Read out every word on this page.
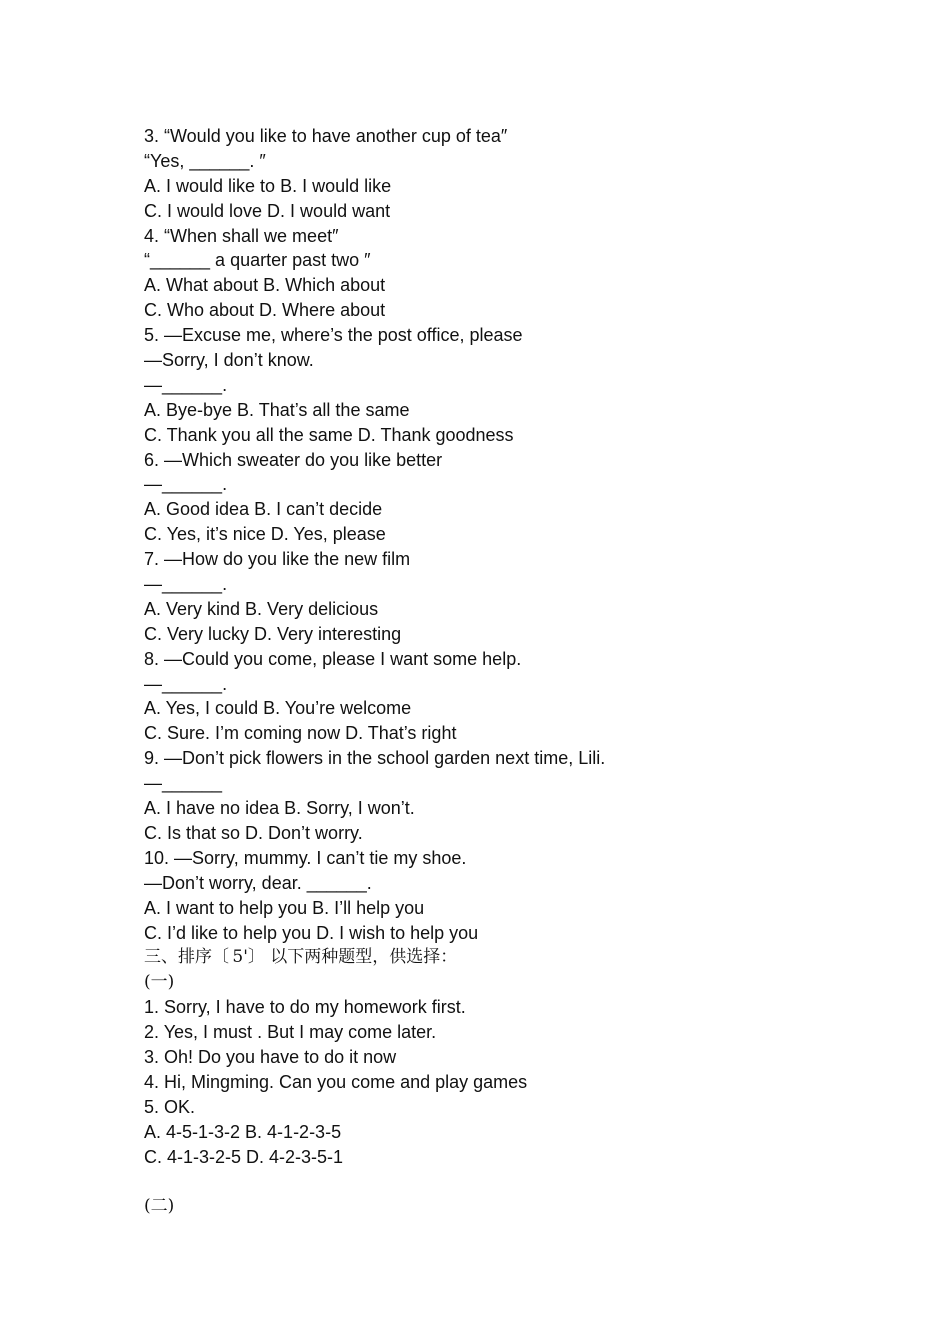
3. “Would you like to have another cup of tea″
“Yes, ______. ″
A. I would like to B. I would like
C. I would love D. I would want
4. “When shall we meet″
“______ a quarter past two ″
A. What about B. Which about
C. Who about D. Where about
5. —Excuse me, where’s the post office, please
—Sorry, I don’t know.
—______.
A. Bye-bye B. That’s all the same
C. Thank you all the same D. Thank goodness
6. —Which sweater do you like better
—______.
A. Good idea B. I can’t decide
C. Yes, it’s nice D. Yes, please
7. —How do you like the new film
—______.
A. Very kind B. Very delicious
C. Very lucky D. Very interesting
8. —Could you come, please I want some help.
—______.
A. Yes, I could B. You’re welcome
C. Sure. I’m coming now D. That’s right
9. —Don’t pick flowers in the school garden next time, Lili.
—______
A. I have no idea B. Sorry, I won’t.
C. Is that so D. Don’t worry.
10. —Sorry, mummy. I can’t tie my shoe.
—Don’t worry, dear. ______.
A. I want to help you B. I’ll help you
C. I’d like to help you D. I wish to help you
三、排序〔 5'〕 以下两种题型，供选择：
(一)
1. Sorry, I have to do my homework first.
2. Yes, I must . But I may come later.
3. Oh! Do you have to do it now
4. Hi, Mingming. Can you come and play games
5. OK.
A. 4-5-1-3-2 B. 4-1-2-3-5
C. 4-1-3-2-5 D. 4-2-3-5-1
(二)
